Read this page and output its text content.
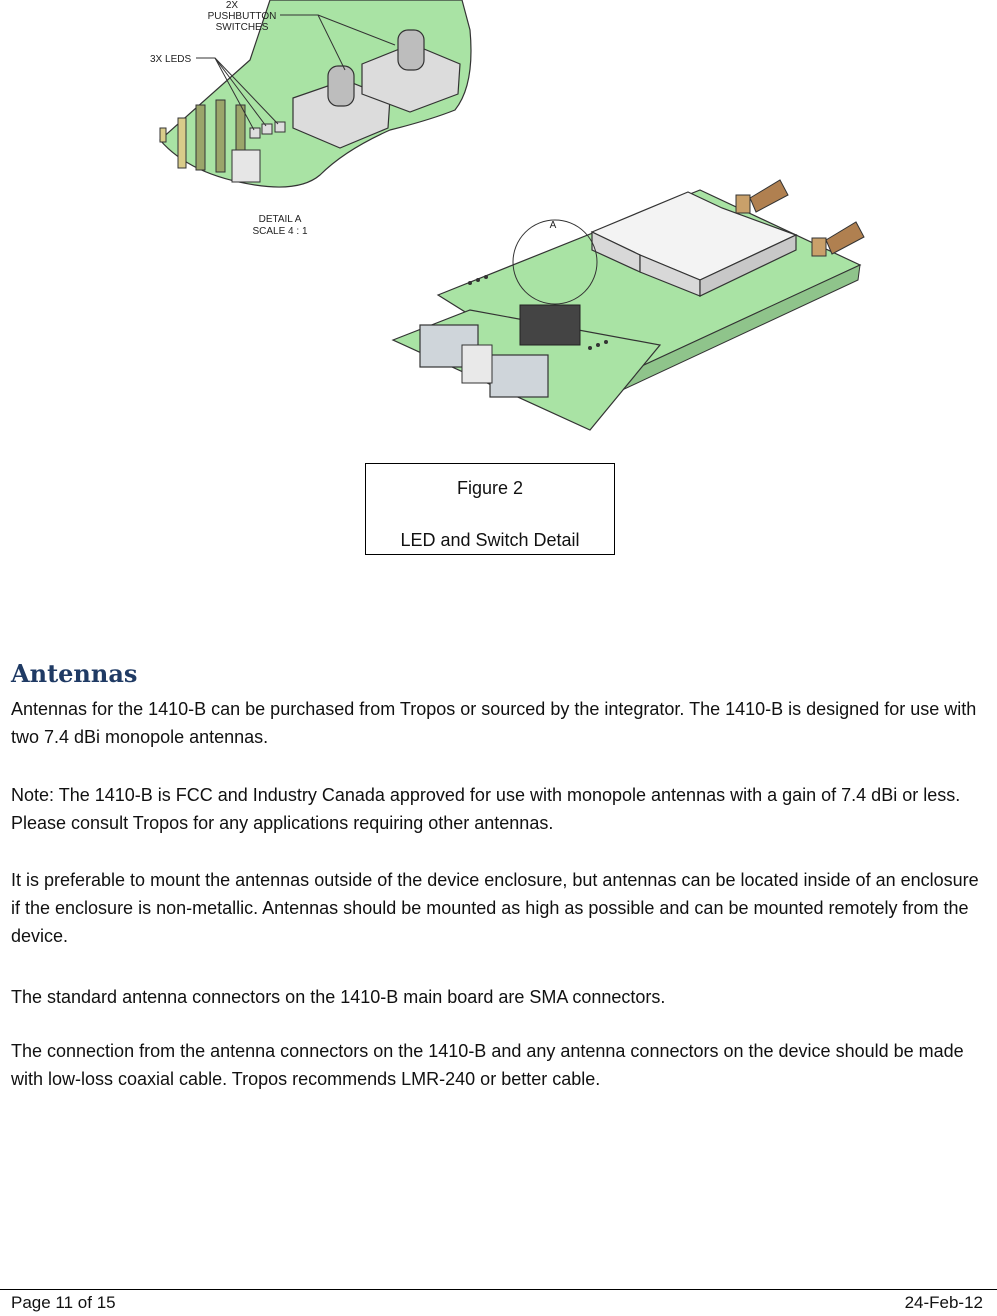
2X
PUSHBUTTON
SWITCHES
3X LEDS
DETAIL A
SCALE 4 : 1
A
Figure 2
LED and Switch Detail
Antennas

Antennas for the 1410-B can be purchased from Tropos or sourced by the integrator. The 1410-B is designed for use with two 7.4 dBi monopole antennas.

Note: The 1410-B is FCC and Industry Canada approved for use with monopole antennas with a gain of 7.4 dBi or less. Please consult Tropos for any applications requiring other antennas.

It is preferable to mount the antennas outside of the device enclosure, but antennas can be located inside of an enclosure if the enclosure is non-metallic. Antennas should be mounted as high as possible and can be mounted remotely from the device.

The standard antenna connectors on the 1410-B main board are SMA connectors.

The connection from the antenna connectors on the 1410-B and any antenna connectors on the device should be made with low-loss coaxial cable. Tropos recommends LMR-240 or better cable.

Page 11 of 15	24-Feb-12
